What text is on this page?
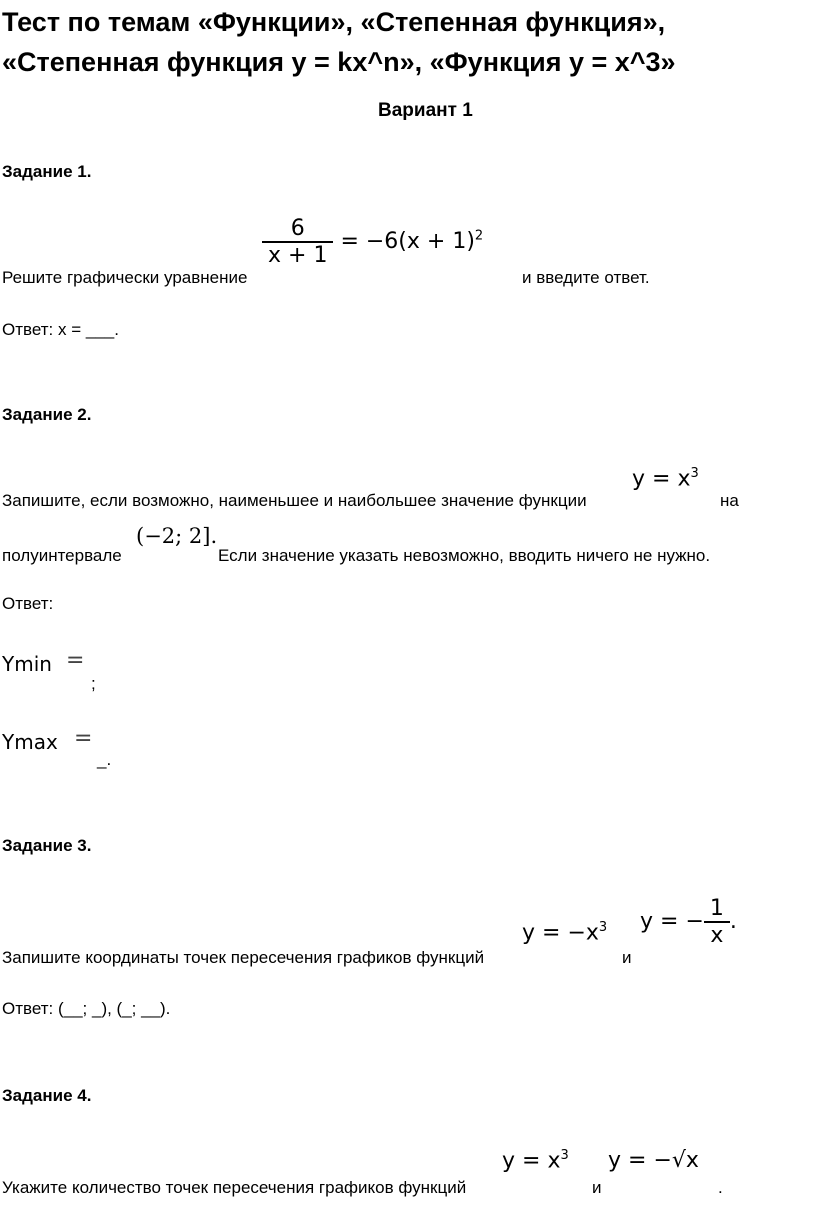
Тест по темам «Функции», «Степенная функция»,
«Степенная функция y = kx^n», «Функция y = x^3»
Вариант 1
Задание 1.
$\frac{6}{x + 1} = -6(x + 1)^2$
Решите графически уравнение	и введите ответ.
Ответ: x = ___.
Задание 2.
$y = x^3$
Запишите, если возможно, наименьшее и наибольшее значение функции	на
(−2; 2].
полуинтервале	Если значение указать невозможно, вводить ничего не нужно.
Ответ:
Ymin =
;
Ymax =
_.
Задание 3.
$y = -x^3$ y = − $\frac{1}{x}$ .
Запишите координаты точек пересечения графиков функций	и
Ответ: (__; _), (_; __).
Задание 4.
$y = x^3$ y = −√x
Укажите количество точек пересечения графиков функций	и	.
